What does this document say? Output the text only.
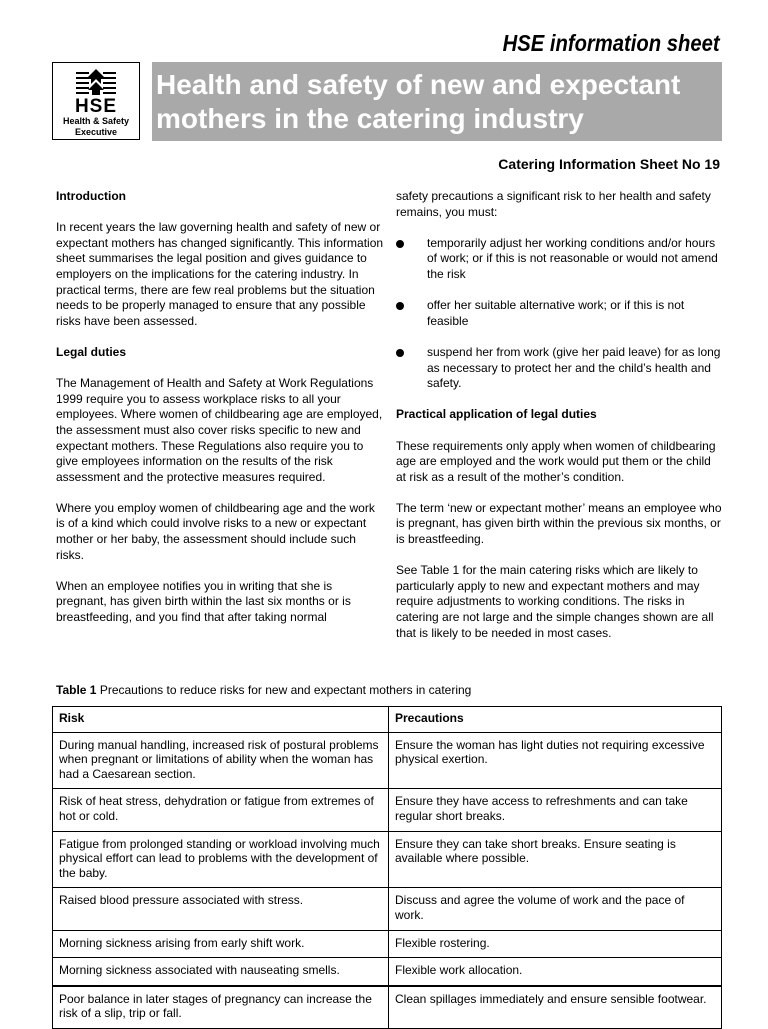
HSE information sheet
HSE
Health & Safety
Executive
Health and safety of new and expectant mothers in the catering industry
Catering Information Sheet No 19
Introduction

In recent years the law governing health and safety of new or expectant mothers has changed significantly. This information sheet summarises the legal position and gives guidance to employers on the implications for the catering industry. In practical terms, there are few real problems but the situation needs to be properly managed to ensure that any possible risks have been assessed.

Legal duties

The Management of Health and Safety at Work Regulations 1999 require you to assess workplace risks to all your employees. Where women of childbearing age are employed, the assessment must also cover risks specific to new and expectant mothers. These Regulations also require you to give employees information on the results of the risk assessment and the protective measures required.

Where you employ women of childbearing age and the work is of a kind which could involve risks to a new or expectant mother or her baby, the assessment should include such risks.

When an employee notifies you in writing that she is pregnant, has given birth within the last six months or is breastfeeding, and you find that after taking normal

safety precautions a significant risk to her health and safety remains, you must:

temporarily adjust her working conditions and/or hours of work; or if this is not reasonable or would not amend the risk
offer her suitable alternative work; or if this is not feasible
suspend her from work (give her paid leave) for as long as necessary to protect her and the child’s health and safety.
Practical application of legal duties

These requirements only apply when women of childbearing age are employed and the work would put them or the child at risk as a result of the mother’s condition.

The term ‘new or expectant mother’ means an employee who is pregnant, has given birth within the previous six months, or is breastfeeding.

See Table 1 for the main catering risks which are likely to particularly apply to new and expectant mothers and may require adjustments to working conditions. The risks in catering are not large and the simple changes shown are all that is likely to be needed in most cases.

Table 1 Precautions to reduce risks for new and expectant mothers in catering
Risk	Precautions
During manual handling, increased risk of postural problems when pregnant or limitations of ability when the woman has had a Caesarean section.	Ensure the woman has light duties not requiring excessive physical exertion.
Risk of heat stress, dehydration or fatigue from extremes of hot or cold.	Ensure they have access to refreshments and can take regular short breaks.
Fatigue from prolonged standing or workload involving much physical effort can lead to problems with the development of the baby.	Ensure they can take short breaks. Ensure seating is available where possible.
Raised blood pressure associated with stress.	Discuss and agree the volume of work and the pace of work.
Morning sickness arising from early shift work.	Flexible rostering.
Morning sickness associated with nauseating smells.	Flexible work allocation.
Poor balance in later stages of pregnancy can increase the risk of a slip, trip or fall.	Clean spillages immediately and ensure sensible footwear.
